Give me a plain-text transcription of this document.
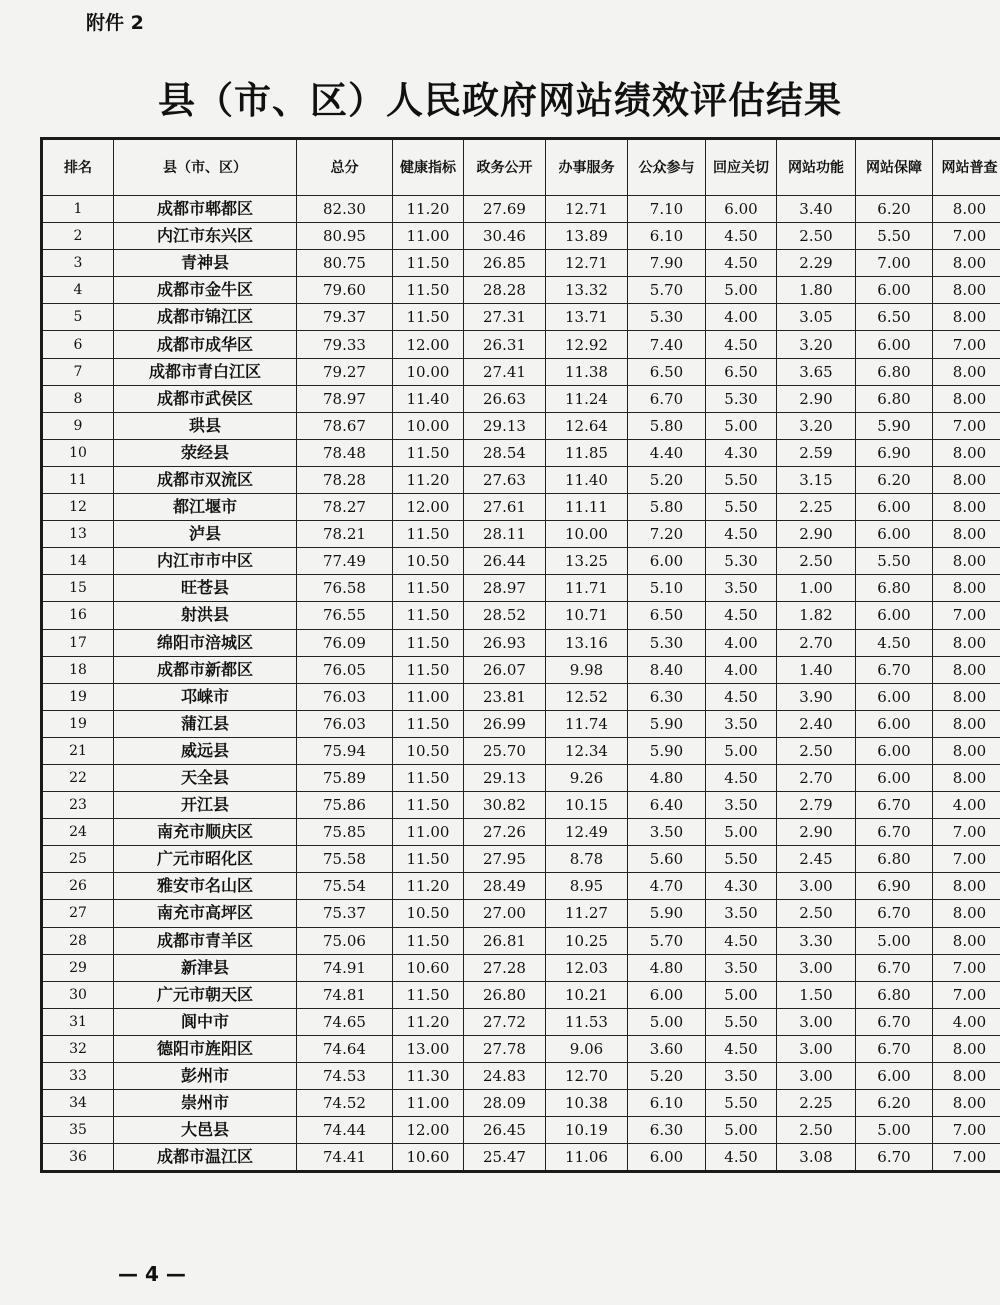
附件 2
县（市、区）人民政府网站绩效评估结果
排名	县（市、区）	总分	健康指标	政务公开	办事服务	公众参与	回应关切	网站功能	网站保障	网站普查
1	成都市郫都区	82.30	11.20	27.69	12.71	7.10	6.00	3.40	6.20	8.00
2	内江市东兴区	80.95	11.00	30.46	13.89	6.10	4.50	2.50	5.50	7.00
3	青神县	80.75	11.50	26.85	12.71	7.90	4.50	2.29	7.00	8.00
4	成都市金牛区	79.60	11.50	28.28	13.32	5.70	5.00	1.80	6.00	8.00
5	成都市锦江区	79.37	11.50	27.31	13.71	5.30	4.00	3.05	6.50	8.00
6	成都市成华区	79.33	12.00	26.31	12.92	7.40	4.50	3.20	6.00	7.00
7	成都市青白江区	79.27	10.00	27.41	11.38	6.50	6.50	3.65	6.80	8.00
8	成都市武侯区	78.97	11.40	26.63	11.24	6.70	5.30	2.90	6.80	8.00
9	珙县	78.67	10.00	29.13	12.64	5.80	5.00	3.20	5.90	7.00
10	荥经县	78.48	11.50	28.54	11.85	4.40	4.30	2.59	6.90	8.00
11	成都市双流区	78.28	11.20	27.63	11.40	5.20	5.50	3.15	6.20	8.00
12	都江堰市	78.27	12.00	27.61	11.11	5.80	5.50	2.25	6.00	8.00
13	泸县	78.21	11.50	28.11	10.00	7.20	4.50	2.90	6.00	8.00
14	内江市市中区	77.49	10.50	26.44	13.25	6.00	5.30	2.50	5.50	8.00
15	旺苍县	76.58	11.50	28.97	11.71	5.10	3.50	1.00	6.80	8.00
16	射洪县	76.55	11.50	28.52	10.71	6.50	4.50	1.82	6.00	7.00
17	绵阳市涪城区	76.09	11.50	26.93	13.16	5.30	4.00	2.70	4.50	8.00
18	成都市新都区	76.05	11.50	26.07	9.98	8.40	4.00	1.40	6.70	8.00
19	邛崃市	76.03	11.00	23.81	12.52	6.30	4.50	3.90	6.00	8.00
19	蒲江县	76.03	11.50	26.99	11.74	5.90	3.50	2.40	6.00	8.00
21	威远县	75.94	10.50	25.70	12.34	5.90	5.00	2.50	6.00	8.00
22	天全县	75.89	11.50	29.13	9.26	4.80	4.50	2.70	6.00	8.00
23	开江县	75.86	11.50	30.82	10.15	6.40	3.50	2.79	6.70	4.00
24	南充市顺庆区	75.85	11.00	27.26	12.49	3.50	5.00	2.90	6.70	7.00
25	广元市昭化区	75.58	11.50	27.95	8.78	5.60	5.50	2.45	6.80	7.00
26	雅安市名山区	75.54	11.20	28.49	8.95	4.70	4.30	3.00	6.90	8.00
27	南充市高坪区	75.37	10.50	27.00	11.27	5.90	3.50	2.50	6.70	8.00
28	成都市青羊区	75.06	11.50	26.81	10.25	5.70	4.50	3.30	5.00	8.00
29	新津县	74.91	10.60	27.28	12.03	4.80	3.50	3.00	6.70	7.00
30	广元市朝天区	74.81	11.50	26.80	10.21	6.00	5.00	1.50	6.80	7.00
31	阆中市	74.65	11.20	27.72	11.53	5.00	5.50	3.00	6.70	4.00
32	德阳市旌阳区	74.64	13.00	27.78	9.06	3.60	4.50	3.00	6.70	8.00
33	彭州市	74.53	11.30	24.83	12.70	5.20	3.50	3.00	6.00	8.00
34	崇州市	74.52	11.00	28.09	10.38	6.10	5.50	2.25	6.20	8.00
35	大邑县	74.44	12.00	26.45	10.19	6.30	5.00	2.50	5.00	7.00
36	成都市温江区	74.41	10.60	25.47	11.06	6.00	4.50	3.08	6.70	7.00
— 4 —
